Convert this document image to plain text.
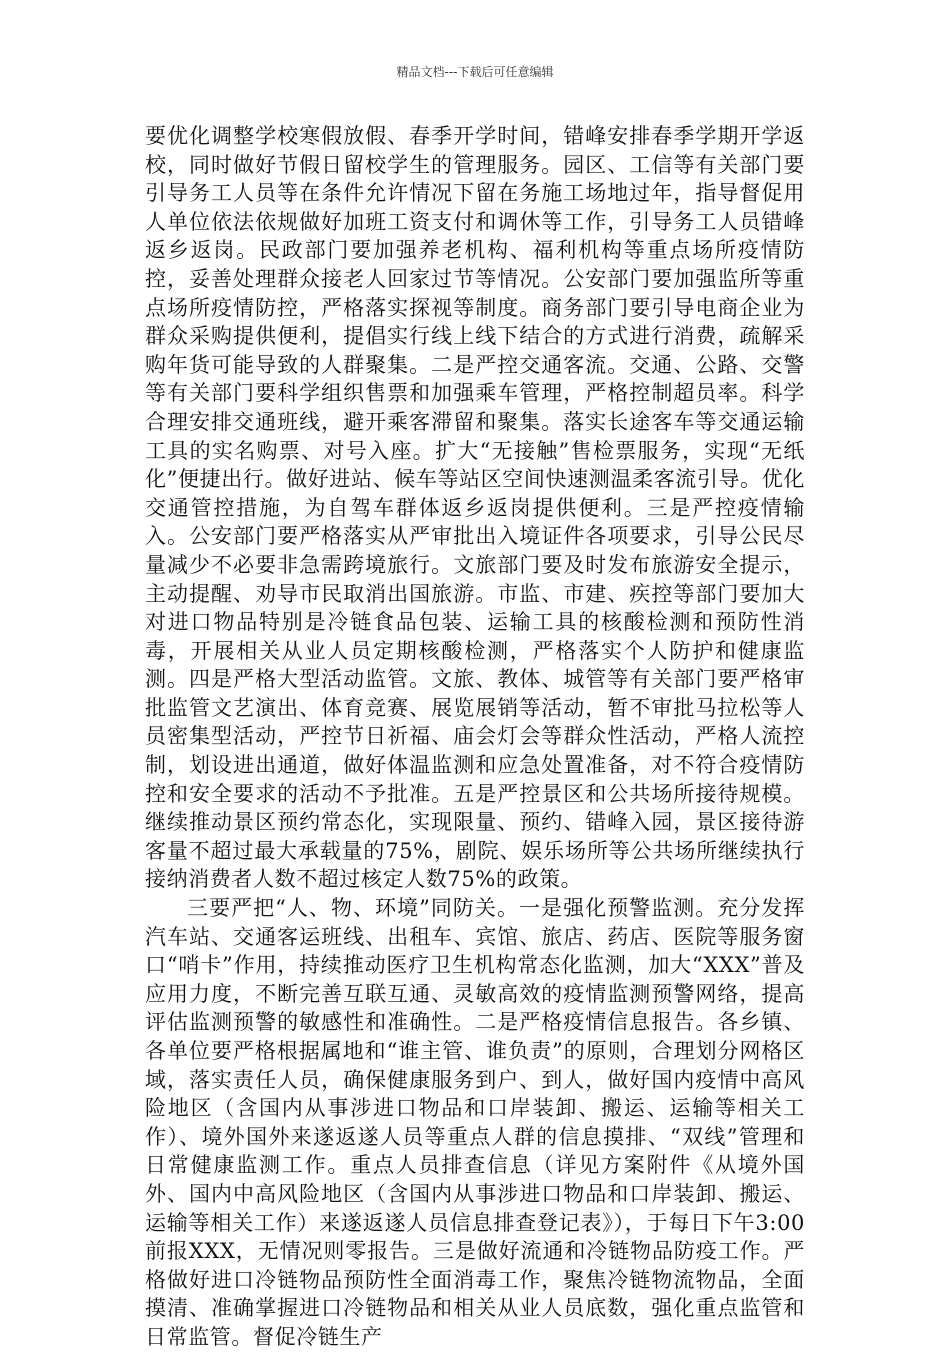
精品文档---下载后可任意编辑

要优化调整学校寒假放假、春季开学时间，错峰安排春季学期开学返校，同时做好节假日留校学生的管理服务。园区、工信等有关部门要引导务工人员等在条件允许情况下留在务施工场地过年，指导督促用人单位依法依规做好加班工资支付和调休等工作，引导务工人员错峰返乡返岗。民政部门要加强养老机构、福利机构等重点场所疫情防控，妥善处理群众接老人回家过节等情况。公安部门要加强监所等重点场所疫情防控，严格落实探视等制度。商务部门要引导电商企业为群众采购提供便利，提倡实行线上线下结合的方式进行消费，疏解采购年货可能导致的人群聚集。二是严控交通客流。交通、公路、交警等有关部门要科学组织售票和加强乘车管理，严格控制超员率。科学合理安排交通班线，避开乘客滞留和聚集。落实长途客车等交通运输工具的实名购票、对号入座。扩大“无接触”售检票服务，实现“无纸化”便捷出行。做好进站、候车等站区空间快速测温柔客流引导。优化交通管控措施，为自驾车群体返乡返岗提供便利。三是严控疫情输入。公安部门要严格落实从严审批出入境证件各项要求，引导公民尽量减少不必要非急需跨境旅行。文旅部门要及时发布旅游安全提示，主动提醒、劝导市民取消出国旅游。市监、市建、疾控等部门要加大对进口物品特别是冷链食品包装、运输工具的核酸检测和预防性消毒，开展相关从业人员定期核酸检测，严格落实个人防护和健康监测。四是严格大型活动监管。文旅、教体、城管等有关部门要严格审批监管文艺演出、体育竞赛、展览展销等活动，暂不审批马拉松等人员密集型活动，严控节日祈福、庙会灯会等群众性活动，严格人流控制，划设进出通道，做好体温监测和应急处置准备，对不符合疫情防控和安全要求的活动不予批准。五是严控景区和公共场所接待规模。继续推动景区预约常态化，实现限量、预约、错峰入园，景区接待游客量不超过最大承载量的75%，剧院、娱乐场所等公共场所继续执行接纳消费者人数不超过核定人数75%的政策。

三要严把“人、物、环境”同防关。一是强化预警监测。充分发挥汽车站、交通客运班线、出租车、宾馆、旅店、药店、医院等服务窗口“哨卡”作用，持续推动医疗卫生机构常态化监测，加大“XXX”普及应用力度，不断完善互联互通、灵敏高效的疫情监测预警网络，提高评估监测预警的敏感性和准确性。二是严格疫情信息报告。各乡镇、各单位要严格根据属地和“谁主管、谁负责”的原则，合理划分网格区域，落实责任人员，确保健康服务到户、到人，做好国内疫情中高风险地区（含国内从事涉进口物品和口岸装卸、搬运、运输等相关工作）、境外国外来遂返遂人员等重点人群的信息摸排、“双线”管理和日常健康监测工作。重点人员排查信息（详见方案附件《从境外国外、国内中高风险地区（含国内从事涉进口物品和口岸装卸、搬运、运输等相关工作）来遂返遂人员信息排查登记表》），于每日下午3:00前报XXX，无情况则零报告。三是做好流通和冷链物品防疫工作。严格做好进口冷链物品预防性全面消毒工作，聚焦冷链物流物品，全面摸清、准确掌握进口冷链物品和相关从业人员底数，强化重点监管和日常监管。督促冷链生产
